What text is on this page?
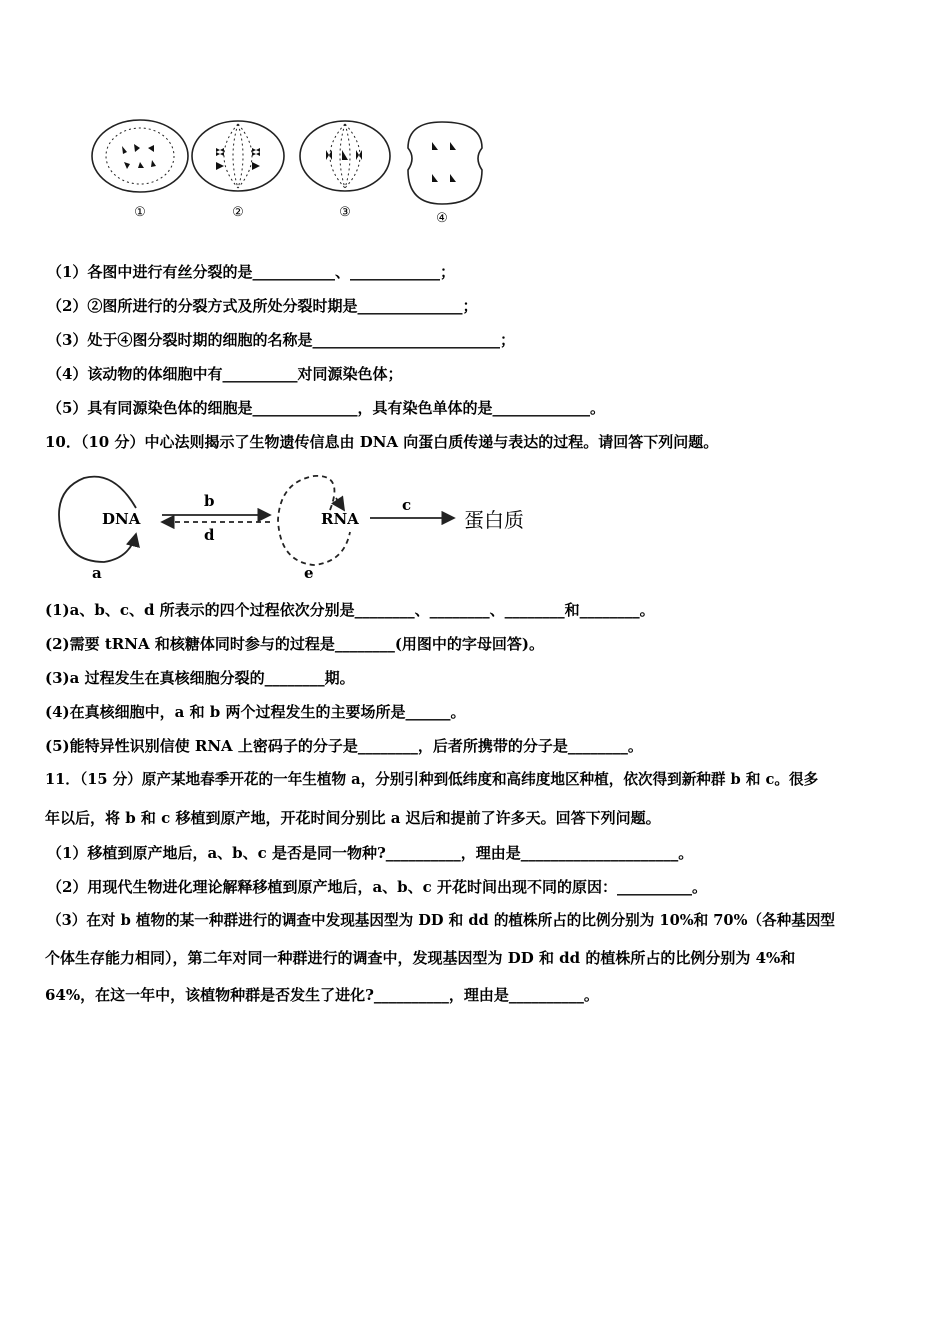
①	②	③	④
（1）各图中进行有丝分裂的是___________、____________；
（2）②图所进行的分裂方式及所处分裂时期是______________；
（3）处于④图分裂时期的细胞的名称是_________________________；
（4）该动物的体细胞中有__________对同源染色体；
（5）具有同源染色体的细胞是______________，具有染色单体的是_____________。
10．（10 分）中心法则揭示了生物遗传信息由 DNA 向蛋白质传递与表达的过程。请回答下列问题。
DNA	RNA
b
d
c
a	e
蛋白质
(1)a、b、c、d 所表示的四个过程依次分别是________、________、________和________。
(2)需要 tRNA 和核糖体同时参与的过程是________(用图中的字母回答)。
(3)a 过程发生在真核细胞分裂的________期。
(4)在真核细胞中，a 和 b 两个过程发生的主要场所是______。
(5)能特异性识别信使 RNA 上密码子的分子是________，后者所携带的分子是________。
11．（15 分）原产某地春季开花的一年生植物 a，分别引种到低纬度和高纬度地区种植，依次得到新种群 b 和 c。很多
年以后，将 b 和 c 移植到原产地，开花时间分别比 a 迟后和提前了许多天。回答下列问题。
（1）移植到原产地后，a、b、c 是否是同一物种?__________，理由是_____________________。
（2）用现代生物进化理论解释移植到原产地后，a、b、c 开花时间出现不同的原因：__________。
（3）在对 b 植物的某一种群进行的调查中发现基因型为 DD 和 dd 的植株所占的比例分别为 10%和 70%（各种基因型
个体生存能力相同），第二年对同一种群进行的调查中，发现基因型为 DD 和 dd 的植株所占的比例分别为 4%和
64%，在这一年中，该植物种群是否发生了进化?__________，理由是__________。
